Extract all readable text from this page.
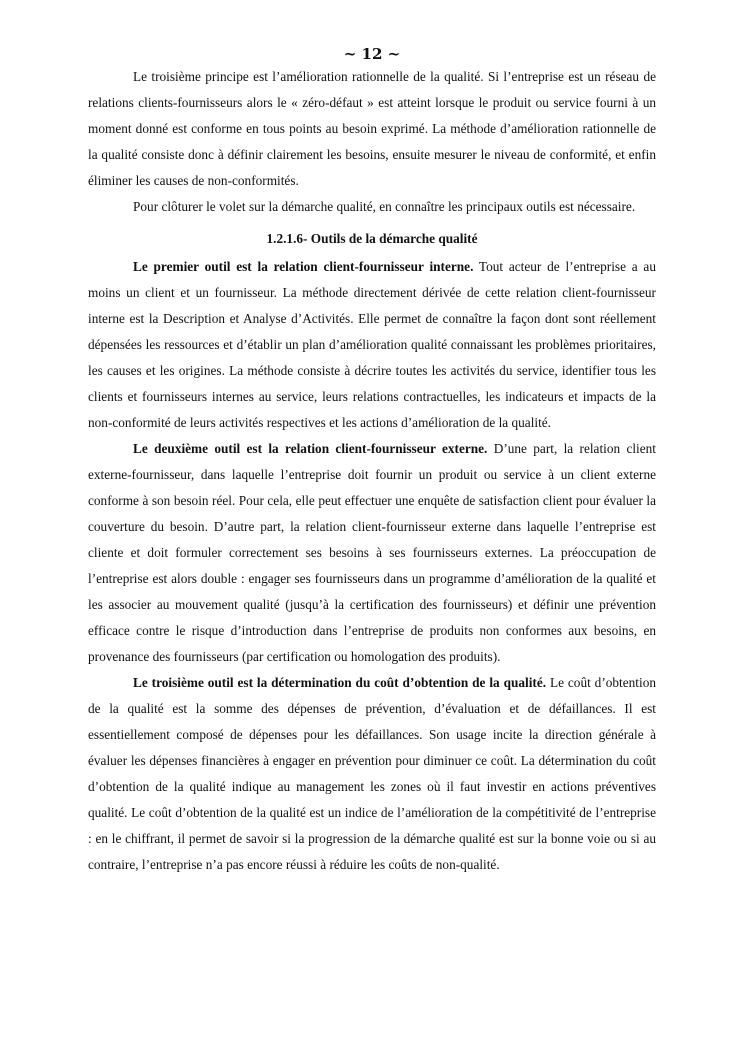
~ 12 ~

Le troisième principe est l’amélioration rationnelle de la qualité. Si l’entreprise est un réseau de relations clients-fournisseurs alors le « zéro-défaut » est atteint lorsque le produit ou service fourni à un moment donné est conforme en tous points au besoin exprimé. La méthode d’amélioration rationnelle de la qualité consiste donc à définir clairement les besoins, ensuite mesurer le niveau de conformité, et enfin éliminer les causes de non-conformités.

Pour clôturer le volet sur la démarche qualité, en connaître les principaux outils est nécessaire.

1.2.1.6- Outils de la démarche qualité

Le premier outil est la relation client-fournisseur interne. Tout acteur de l’entreprise a au moins un client et un fournisseur. La méthode directement dérivée de cette relation client-fournisseur interne est la Description et Analyse d’Activités. Elle permet de connaître la façon dont sont réellement dépensées les ressources et d’établir un plan d’amélioration qualité connaissant les problèmes prioritaires, les causes et les origines. La méthode consiste à décrire toutes les activités du service, identifier tous les clients et fournisseurs internes au service, leurs relations contractuelles, les indicateurs et impacts de la non-conformité de leurs activités respectives et les actions d’amélioration de la qualité.

Le deuxième outil est la relation client-fournisseur externe. D’une part, la relation client externe-fournisseur, dans laquelle l’entreprise doit fournir un produit ou service à un client externe conforme à son besoin réel. Pour cela, elle peut effectuer une enquête de satisfaction client pour évaluer la couverture du besoin. D’autre part, la relation client-fournisseur externe dans laquelle l’entreprise est cliente et doit formuler correctement ses besoins à ses fournisseurs externes. La préoccupation de l’entreprise est alors double : engager ses fournisseurs dans un programme d’amélioration de la qualité et les associer au mouvement qualité (jusqu’à la certification des fournisseurs) et définir une prévention efficace contre le risque d’introduction dans l’entreprise de produits non conformes aux besoins, en provenance des fournisseurs (par certification ou homologation des produits).

Le troisième outil est la détermination du coût d’obtention de la qualité. Le coût d’obtention de la qualité est la somme des dépenses de prévention, d’évaluation et de défaillances. Il est essentiellement composé de dépenses pour les défaillances. Son usage incite la direction générale à évaluer les dépenses financières à engager en prévention pour diminuer ce coût. La détermination du coût d’obtention de la qualité indique au management les zones où il faut investir en actions préventives qualité. Le coût d’obtention de la qualité est un indice de l’amélioration de la compétitivité de l’entreprise : en le chiffrant, il permet de savoir si la progression de la démarche qualité est sur la bonne voie ou si au contraire, l’entreprise n’a pas encore réussi à réduire les coûts de non-qualité.
